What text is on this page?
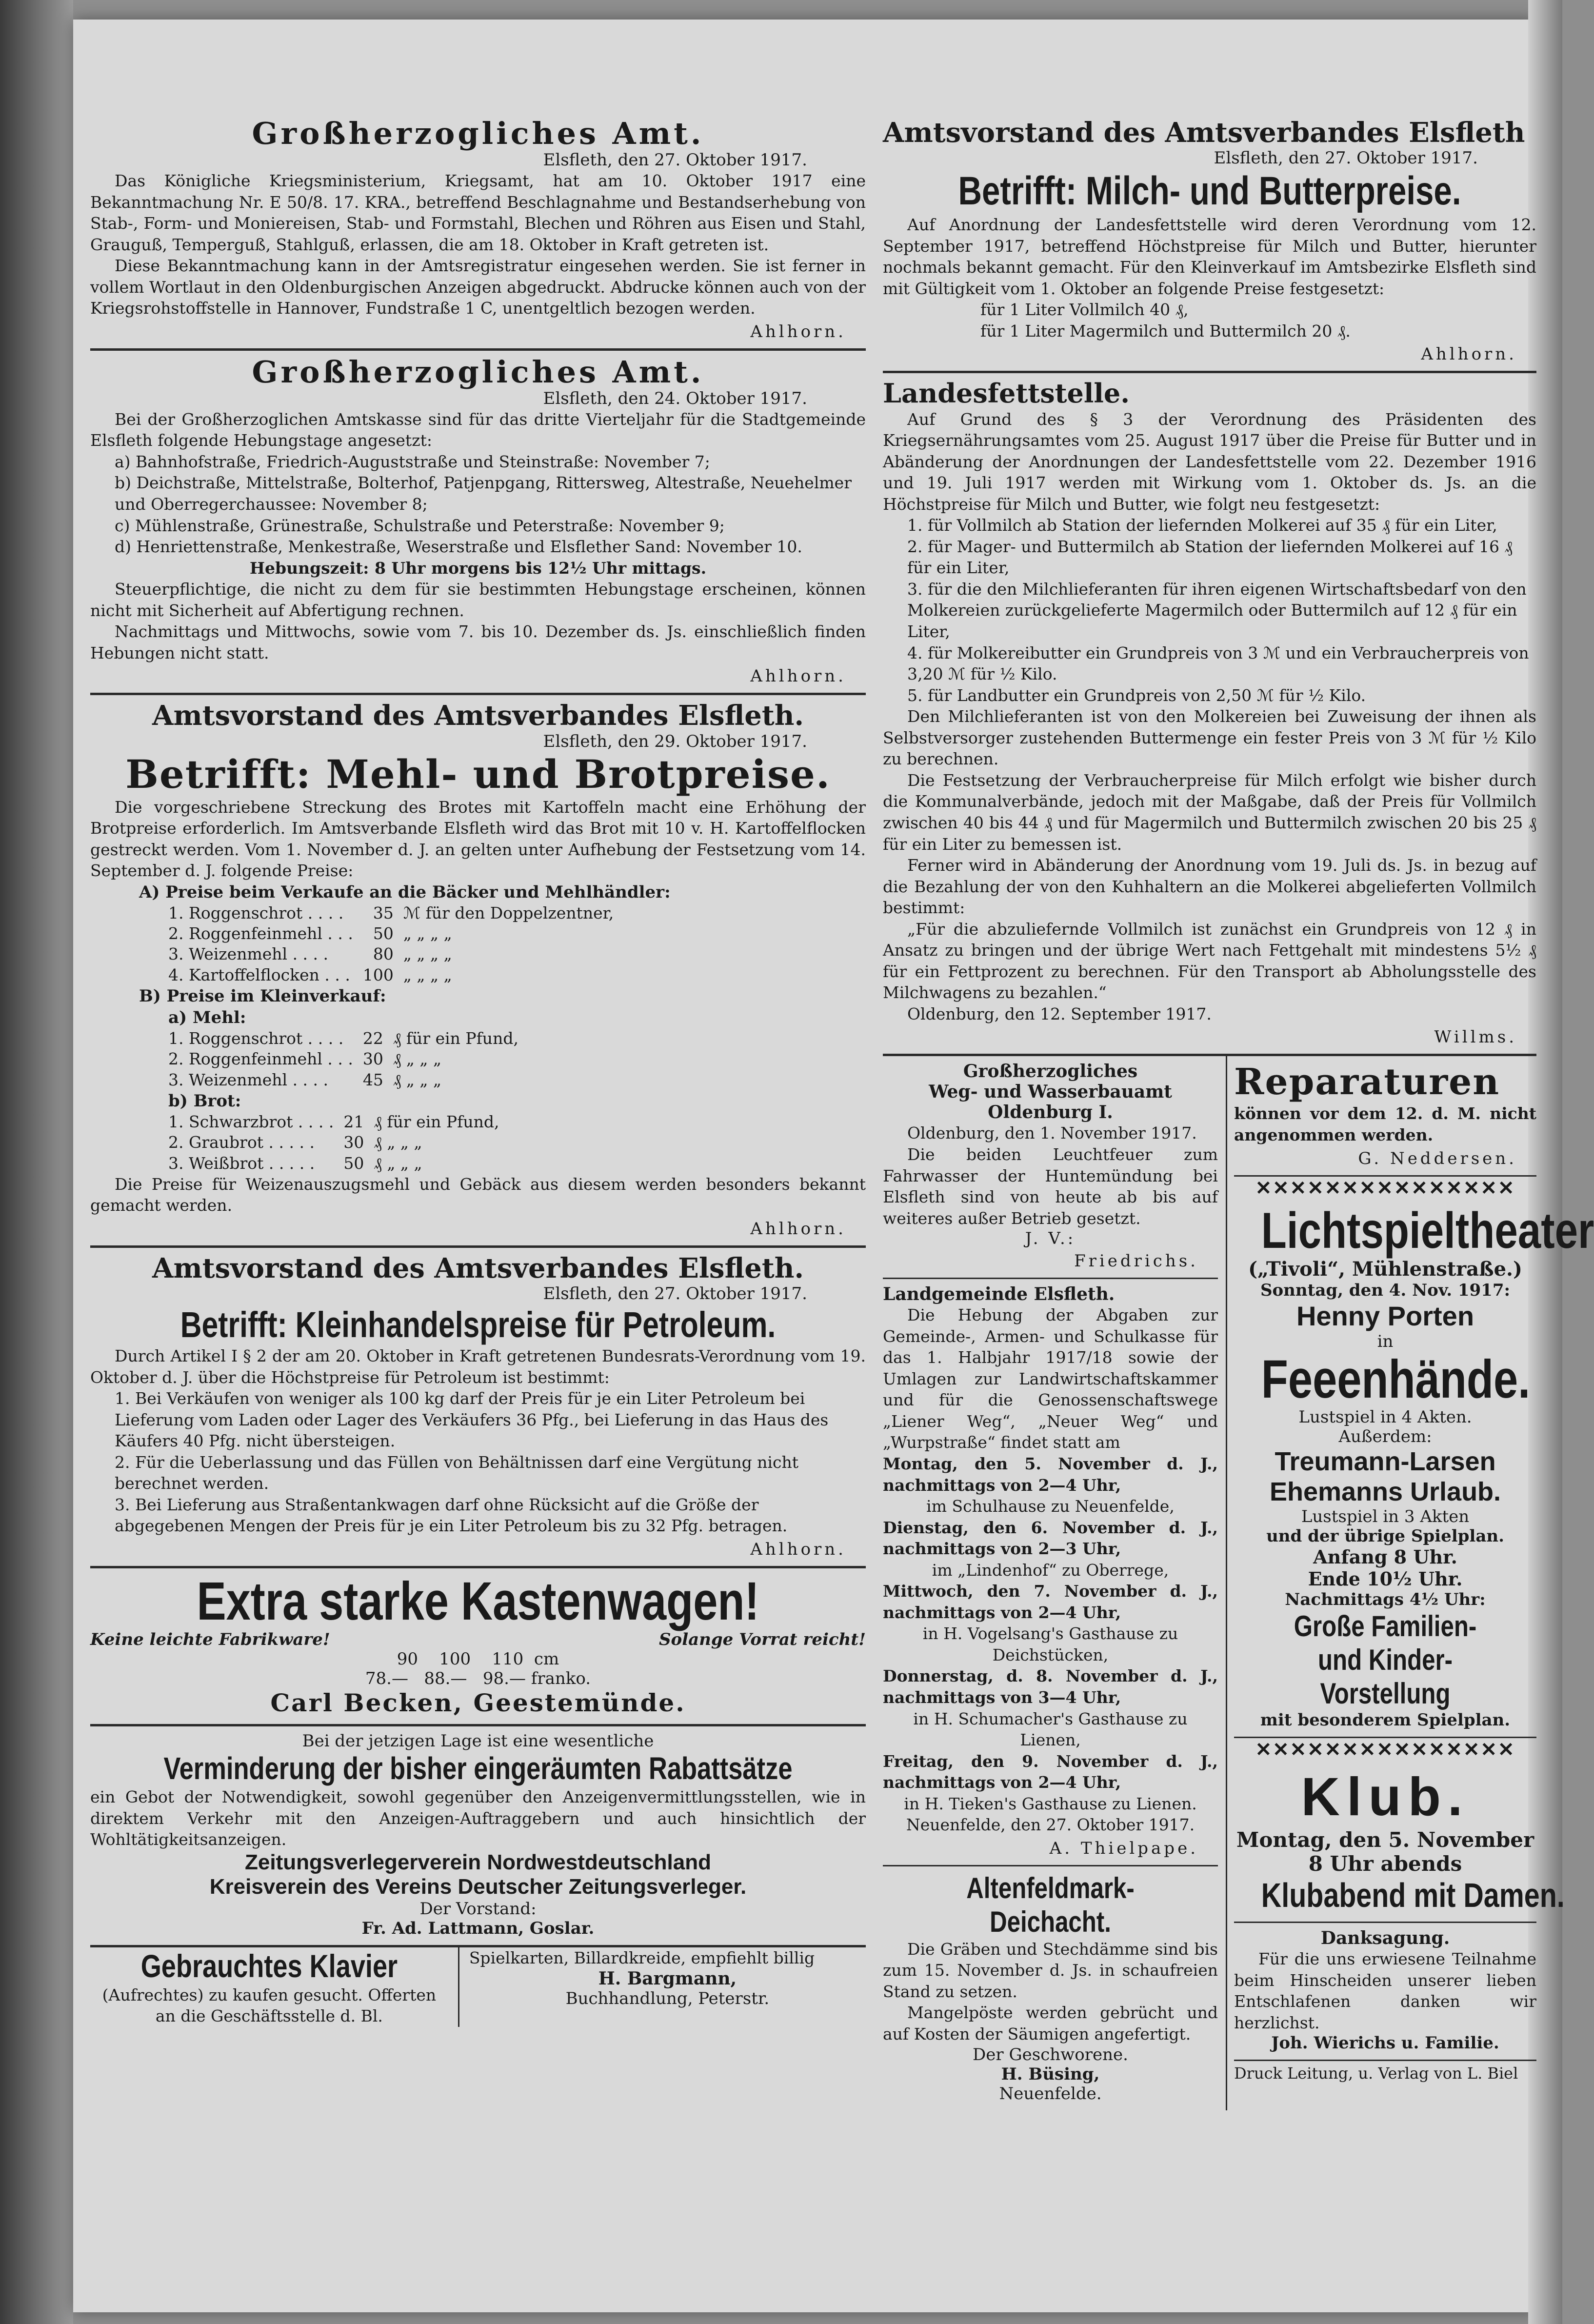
Großherzogliches Amt.
Elsfleth, den 27. Oktober 1917.

Das Königliche Kriegsministerium, Kriegsamt, hat am 10. Oktober 1917 eine Bekanntmachung Nr. E 50/8. 17. KRA., betreffend Beschlagnahme und Bestandserhebung von Stab-, Form- und Moniereisen, Stab- und Formstahl, Blechen und Röhren aus Eisen und Stahl, Grauguß, Temperguß, Stahlguß, erlassen, die am 18. Oktober in Kraft getreten ist.

Diese Bekanntmachung kann in der Amtsregistratur eingesehen werden. Sie ist ferner in vollem Wortlaut in den Oldenburgischen Anzeigen abgedruckt. Abdrucke können auch von der Kriegsrohstoffstelle in Hannover, Fundstraße 1 C, unentgeltlich bezogen werden.

Ahlhorn.
Großherzogliches Amt.
Elsfleth, den 24. Oktober 1917.

Bei der Großherzoglichen Amtskasse sind für das dritte Vierteljahr für die Stadtgemeinde Elsfleth folgende Hebungstage angesetzt:

a) Bahnhofstraße, Friedrich-Auguststraße und Steinstraße: November 7;
b) Deichstraße, Mittelstraße, Bolterhof, Patjenpgang, Rittersweg, Altestraße, Neuehelmer und Oberregerchaussee: November 8;
c) Mühlenstraße, Grünestraße, Schulstraße und Peterstraße: November 9;
d) Henriettenstraße, Menkestraße, Weserstraße und Elsflether Sand: November 10.

Hebungszeit: 8 Uhr morgens bis 12½ Uhr mittags.

Steuerpflichtige, die nicht zu dem für sie bestimmten Hebungstage erscheinen, können nicht mit Sicherheit auf Abfertigung rechnen.

Nachmittags und Mittwochs, sowie vom 7. bis 10. Dezember ds. Js. einschließlich finden Hebungen nicht statt.

Ahlhorn.
Amtsvorstand des Amtsverbandes Elsfleth.
Elsfleth, den 29. Oktober 1917.
Betrifft: Mehl- und Brotpreise.

Die vorgeschriebene Streckung des Brotes mit Kartoffeln macht eine Erhöhung der Brotpreise erforderlich. Im Amtsverbande Elsfleth wird das Brot mit 10 v. H. Kartoffelflocken gestreckt werden. Vom 1. November d. J. an gelten unter Aufhebung der Festsetzung vom 14. September d. J. folgende Preise:

A) Preise beim Verkaufe an die Bäcker und Mehlhändler:
1. Roggenschrot . . . .	35	ℳ für den Doppelzentner,
2. Roggenfeinmehl . . .	50	„ „ „ „
3. Weizenmehl . . . .	80	„ „ „ „
4. Kartoffelflocken . . .	100	„ „ „ „
B) Preise im Kleinverkauf:
a) Mehl:
1. Roggenschrot . . . .	22	₰ für ein Pfund,
2. Roggenfeinmehl . . .	30	₰ „ „ „
3. Weizenmehl . . . .	45	₰ „ „ „
b) Brot:
1. Schwarzbrot . . . .	21	₰ für ein Pfund,
2. Graubrot . . . . .	30	₰ „ „ „
3. Weißbrot . . . . .	50	₰ „ „ „

Die Preise für Weizenauszugsmehl und Gebäck aus diesem werden besonders bekannt gemacht werden.

Ahlhorn.
Amtsvorstand des Amtsverbandes Elsfleth.
Elsfleth, den 27. Oktober 1917.
Betrifft: Kleinhandelspreise für Petroleum.

Durch Artikel I § 2 der am 20. Oktober in Kraft getretenen Bundesrats-Verordnung vom 19. Oktober d. J. über die Höchstpreise für Petroleum ist bestimmt:

1. Bei Verkäufen von weniger als 100 kg darf der Preis für je ein Liter Petroleum bei Lieferung vom Laden oder Lager des Verkäufers 36 Pfg., bei Lieferung in das Haus des Käufers 40 Pfg. nicht übersteigen.
2. Für die Ueberlassung und das Füllen von Behältnissen darf eine Vergütung nicht berechnet werden.
3. Bei Lieferung aus Straßentankwagen darf ohne Rücksicht auf die Größe der abgegebenen Mengen der Preis für je ein Liter Petroleum bis zu 32 Pfg. betragen.
Ahlhorn.
Extra starke Kastenwagen!
Keine leichte Fabrikware!	Solange Vorrat reicht!
90    100    110  cm
78.—   88.—   98.— franko.
Carl Becken, Geestemünde.
Bei der jetzigen Lage ist eine wesentliche
Verminderung der bisher eingeräumten Rabattsätze

ein Gebot der Notwendigkeit, sowohl gegenüber den Anzeigenvermittlungsstellen, wie in direktem Verkehr mit den Anzeigen-Auftraggebern und auch hinsichtlich der Wohltätigkeitsanzeigen.

Zeitungsverlegerverein Nordwestdeutschland
Kreisverein des Vereins Deutscher Zeitungsverleger.
Der Vorstand:
Fr. Ad. Lattmann, Goslar.
Gebrauchtes Klavier

(Aufrechtes) zu kaufen gesucht. Offerten an die Geschäftsstelle d. Bl.

Spielkarten, Billardkreide, empfiehlt billig

H. Bargmann,
Buchhandlung, Peterstr.
Amtsvorstand des Amtsverbandes Elsfleth
Elsfleth, den 27. Oktober 1917.
Betrifft: Milch- und Butterpreise.

Auf Anordnung der Landesfettstelle wird deren Verordnung vom 12. September 1917, betreffend Höchstpreise für Milch und Butter, hierunter nochmals bekannt gemacht. Für den Kleinverkauf im Amtsbezirke Elsfleth sind mit Gültigkeit vom 1. Oktober an folgende Preise festgesetzt:

für 1 Liter Vollmilch 40 ₰,

für 1 Liter Magermilch und Buttermilch 20 ₰.

Ahlhorn.
Landesfettstelle.

Auf Grund des § 3 der Verordnung des Präsidenten des Kriegsernährungsamtes vom 25. August 1917 über die Preise für Butter und in Abänderung der Anordnungen der Landesfettstelle vom 22. Dezember 1916 und 19. Juli 1917 werden mit Wirkung vom 1. Oktober ds. Js. an die Höchstpreise für Milch und Butter, wie folgt neu festgesetzt:

1. für Vollmilch ab Station der liefernden Molkerei auf 35 ₰ für ein Liter,
2. für Mager- und Buttermilch ab Station der liefernden Molkerei auf 16 ₰ für ein Liter,
3. für die den Milchlieferanten für ihren eigenen Wirtschaftsbedarf von den Molkereien zurückgelieferte Magermilch oder Buttermilch auf 12 ₰ für ein Liter,
4. für Molkereibutter ein Grundpreis von 3 ℳ und ein Verbraucherpreis von 3,20 ℳ für ½ Kilo.
5. für Landbutter ein Grundpreis von 2,50 ℳ für ½ Kilo.

Den Milchlieferanten ist von den Molkereien bei Zuweisung der ihnen als Selbstversorger zustehenden Buttermenge ein fester Preis von 3 ℳ für ½ Kilo zu berechnen.

Die Festsetzung der Verbraucherpreise für Milch erfolgt wie bisher durch die Kommunalverbände, jedoch mit der Maßgabe, daß der Preis für Vollmilch zwischen 40 bis 44 ₰ und für Magermilch und Buttermilch zwischen 20 bis 25 ₰ für ein Liter zu bemessen ist.

Ferner wird in Abänderung der Anordnung vom 19. Juli ds. Js. in bezug auf die Bezahlung der von den Kuhhaltern an die Molkerei abgelieferten Vollmilch bestimmt:

„Für die abzuliefernde Vollmilch ist zunächst ein Grundpreis von 12 ₰ in Ansatz zu bringen und der übrige Wert nach Fettgehalt mit mindestens 5½ ₰ für ein Fettprozent zu berechnen. Für den Transport ab Abholungsstelle des Milchwagens zu bezahlen.“

Oldenburg, den 12. September 1917.

Willms.
Großherzogliches
Weg- und Wasserbauamt
Oldenburg I.

Oldenburg, den 1. November 1917.

Die beiden Leuchtfeuer zum Fahrwasser der Huntemündung bei Elsfleth sind von heute ab bis auf weiteres außer Betrieb gesetzt.

J. V.:
Friedrichs.
Landgemeinde Elsfleth.

Die Hebung der Abgaben zur Gemeinde-, Armen- und Schulkasse für das 1. Halbjahr 1917/18 sowie der Umlagen zur Landwirtschaftskammer und für die Genossenschaftswege „Liener Weg“, „Neuer Weg“ und „Wurpstraße“ findet statt am

Montag, den 5. November d. J., nachmittags von 2—4 Uhr,

im Schulhause zu Neuenfelde,

Dienstag, den 6. November d. J., nachmittags von 2—3 Uhr,

im „Lindenhof“ zu Oberrege,

Mittwoch, den 7. November d. J., nachmittags von 2—4 Uhr,

in H. Vogelsang's Gasthause zu Deichstücken,

Donnerstag, d. 8. November d. J., nachmittags von 3—4 Uhr,

in H. Schumacher's Gasthause zu Lienen,

Freitag, den 9. November d. J., nachmittags von 2—4 Uhr,

in H. Tieken's Gasthause zu Lienen.

Neuenfelde, den 27. Oktober 1917.

A. Thielpape.
Altenfeldmark-Deichacht.

Die Gräben und Stechdämme sind bis zum 15. November d. Js. in schaufreien Stand zu setzen.

Mangelpöste werden gebrücht und auf Kosten der Säumigen angefertigt.

Der Geschworene.
H. Büsing,
Neuenfelde.
Reparaturen

können vor dem 12. d. M. nicht angenommen werden.

G. Neddersen.
✕✕✕✕✕✕✕✕✕✕✕✕✕✕✕
Lichtspieltheater
(„Tivoli“, Mühlenstraße.)
Sonntag, den 4. Nov. 1917:
Henny Porten
in
Feeenhände.
Lustspiel in 4 Akten.
Außerdem:
Treumann-Larsen
Ehemanns Urlaub.
Lustspiel in 3 Akten
und der übrige Spielplan.
Anfang 8 Uhr.
Ende 10½ Uhr.
Nachmittags 4½ Uhr:
Große Familien-
und Kinder-Vorstellung
mit besonderem Spielplan.
✕✕✕✕✕✕✕✕✕✕✕✕✕✕✕
Klub.
Montag, den 5. November
8 Uhr abends
Klubabend mit Damen.
Danksagung.

Für die uns erwiesene Teilnahme beim Hinscheiden unserer lieben Entschlafenen danken wir herzlichst.

Joh. Wierichs u. Familie.
Druck Leitung, u. Verlag von L. Biel
